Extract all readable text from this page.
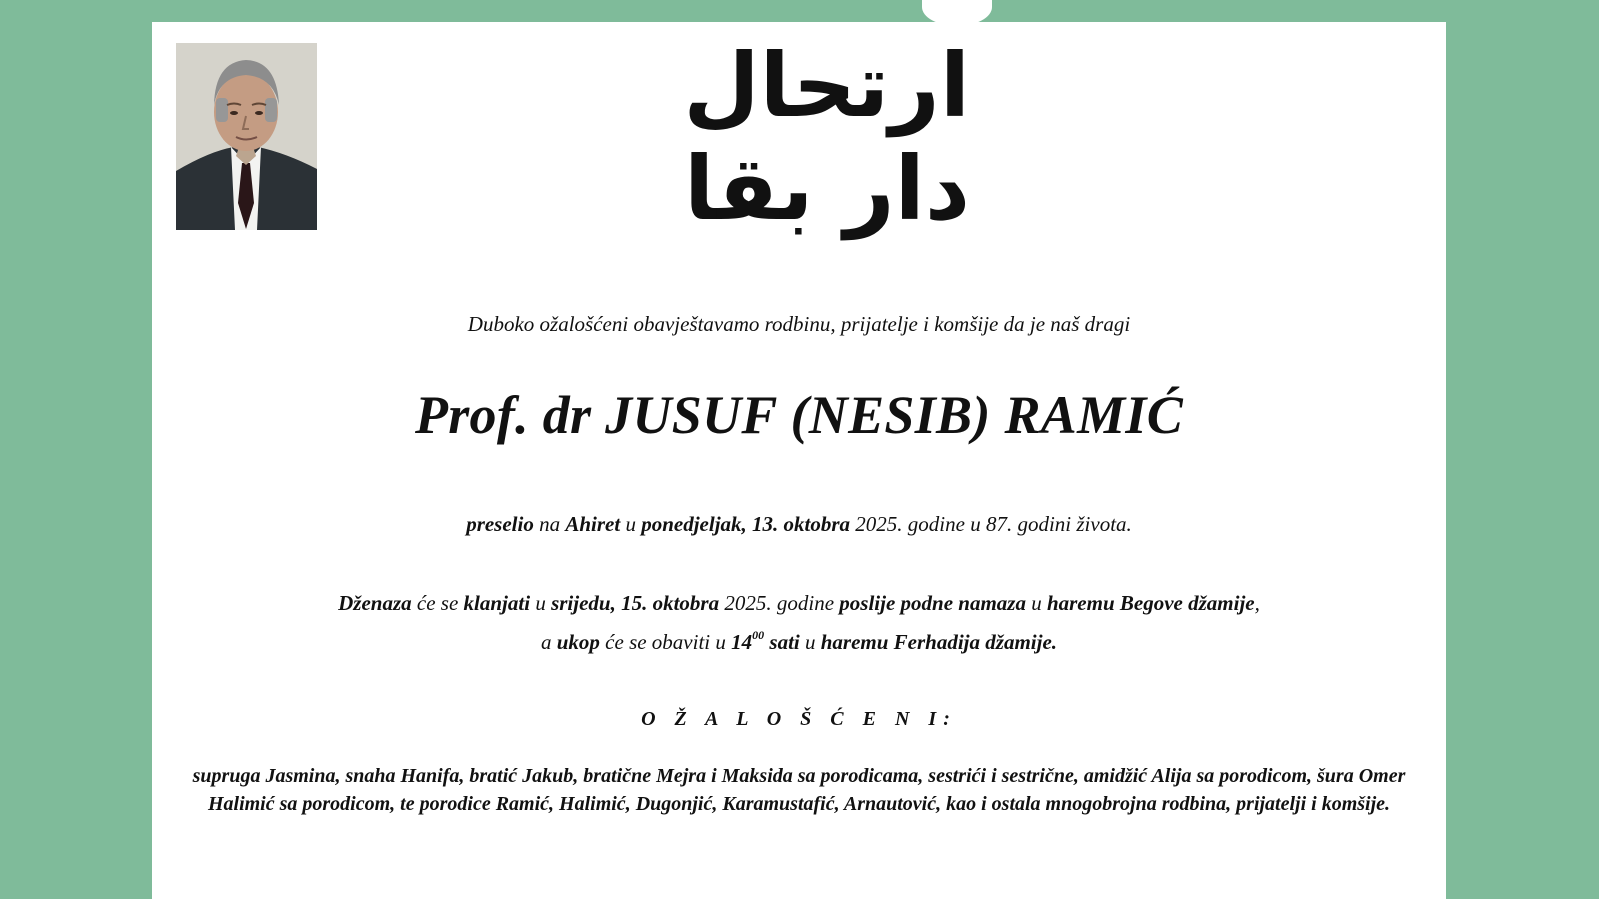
ارتحال دار بقا
Duboko ožalošćeni obavještavamo rodbinu, prijatelje i komšije da je naš dragi
Prof. dr JUSUF (NESIB) RAMIĆ
preselio na Ahiret u ponedjeljak, 13. oktobra 2025. godine u 87. godini života.
Dženaza će se klanjati u srijedu, 15. oktobra 2025. godine poslije podne namaza u haremu Begove džamije,
a ukop će se obaviti u $14^{00}$ sati u haremu Ferhadija džamije.
O Ž A L O Š Ć E N I:
supruga Jasmina, snaha Hanifa, bratić Jakub, bratične Mejra i Maksida sa porodicama, sestrići i sestrične, amidžić Alija sa porodicom, šura Omer Halimić sa porodicom, te porodice Ramić, Halimić, Dugonjić, Karamustafić, Arnautović, kao i ostala mnogobrojna rodbina, prijatelji i komšije.
